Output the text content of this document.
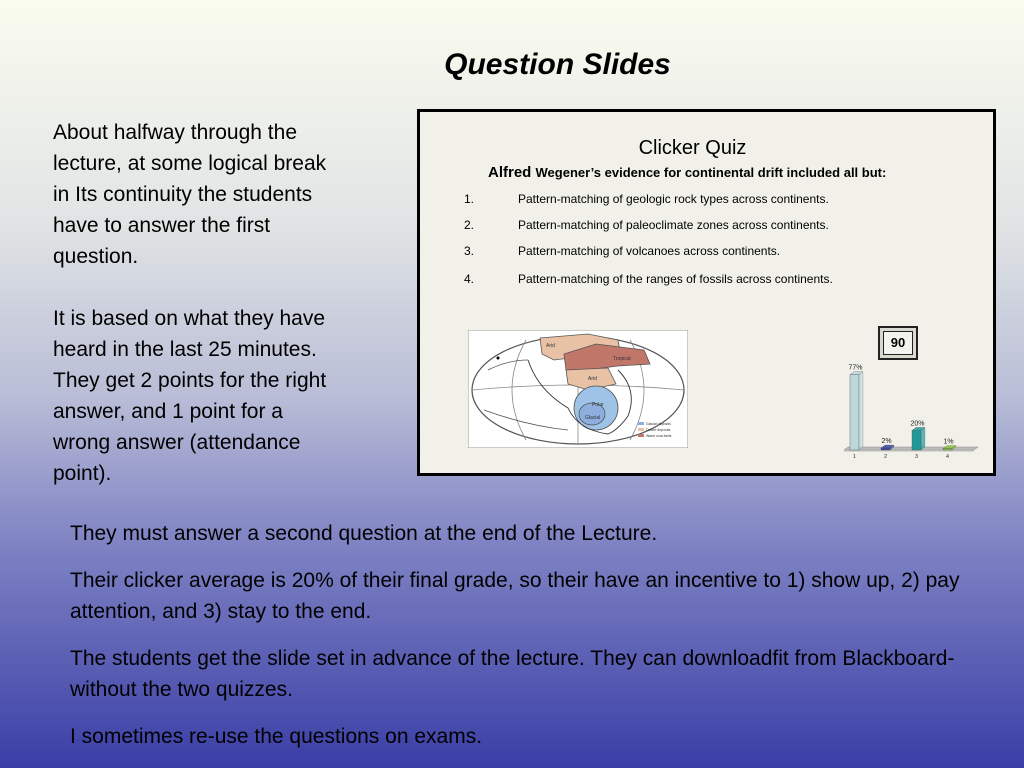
Question Slides
About halfway through the
lecture, at some logical break
in Its continuity the students
have to answer the first
question.
It is based on what they have
heard in the last 25 minutes.
They get 2 points for the right
answer, and 1 point for a
wrong answer (attendance
point).
Clicker Quiz
Alfred Wegener’s evidence for continental drift included all but:
1.	Pattern-matching of geologic rock types across continents.
2.	Pattern-matching of paleoclimate zones across continents.
3.	Pattern-matching of volcanoes across continents.
4.	Pattern-matching of the ranges of fossils across continents.
Arid
Tropical
Arid
Polar
Glacial
Glacial deposits
Desert deposits
Warm coal-beds
77%
1
2%
2
20%
3
1%
4
90

They must answer a second question at the end of the Lecture.

Their clicker average is 20% of their final grade, so their have an incentive to 1) show up, 2) pay attention, and 3) stay to the end.

The students get the slide set in advance of the lecture. They can downloadfit from Blackboard- without the two quizzes.

I sometimes re-use the questions on exams.
